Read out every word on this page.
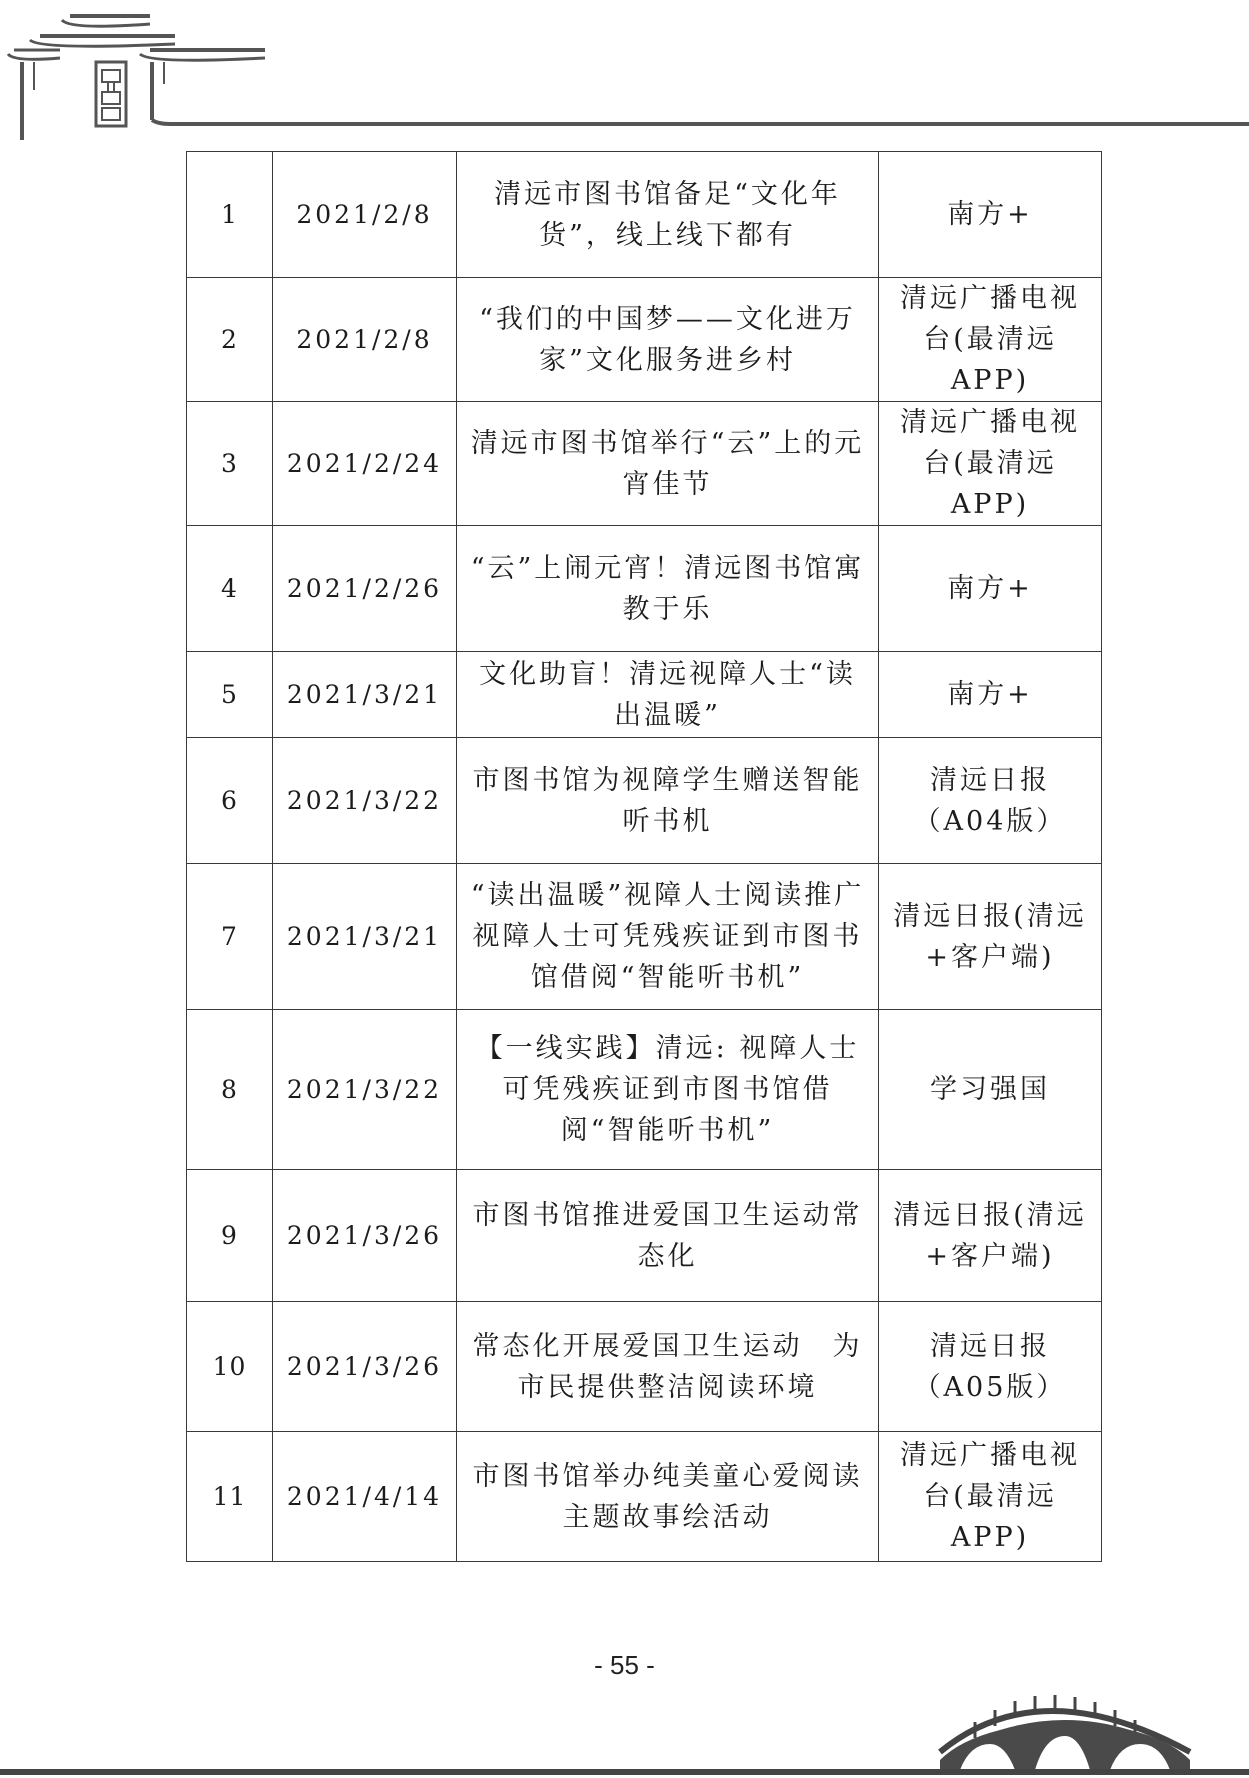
1	2021/2/8	清远市图书馆备足“文化年货”，线上线下都有	南方+
2	2021/2/8	“我们的中国梦——文化进万家”文化服务进乡村	清远广播电视台(最清远APP)
3	2021/2/24	清远市图书馆举行“云”上的元宵佳节	清远广播电视台(最清远APP)
4	2021/2/26	“云”上闹元宵！清远图书馆寓教于乐	南方+
5	2021/3/21	文化助盲！清远视障人士“读出温暖”	南方+
6	2021/3/22	市图书馆为视障学生赠送智能听书机	清远日报（A04版）
7	2021/3/21	“读出温暖”视障人士阅读推广视障人士可凭残疾证到市图书馆借阅“智能听书机”	清远日报(清远+客户端)
8	2021/3/22	【一线实践】清远: 视障人士可凭残疾证到市图书馆借阅“智能听书机”	学习强国
9	2021/3/26	市图书馆推进爱国卫生运动常态化	清远日报(清远+客户端)
10	2021/3/26	常态化开展爱国卫生运动　为市民提供整洁阅读环境	清远日报（A05版）
11	2021/4/14	市图书馆举办纯美童心爱阅读主题故事绘活动	清远广播电视台(最清远APP)
- 55 -
